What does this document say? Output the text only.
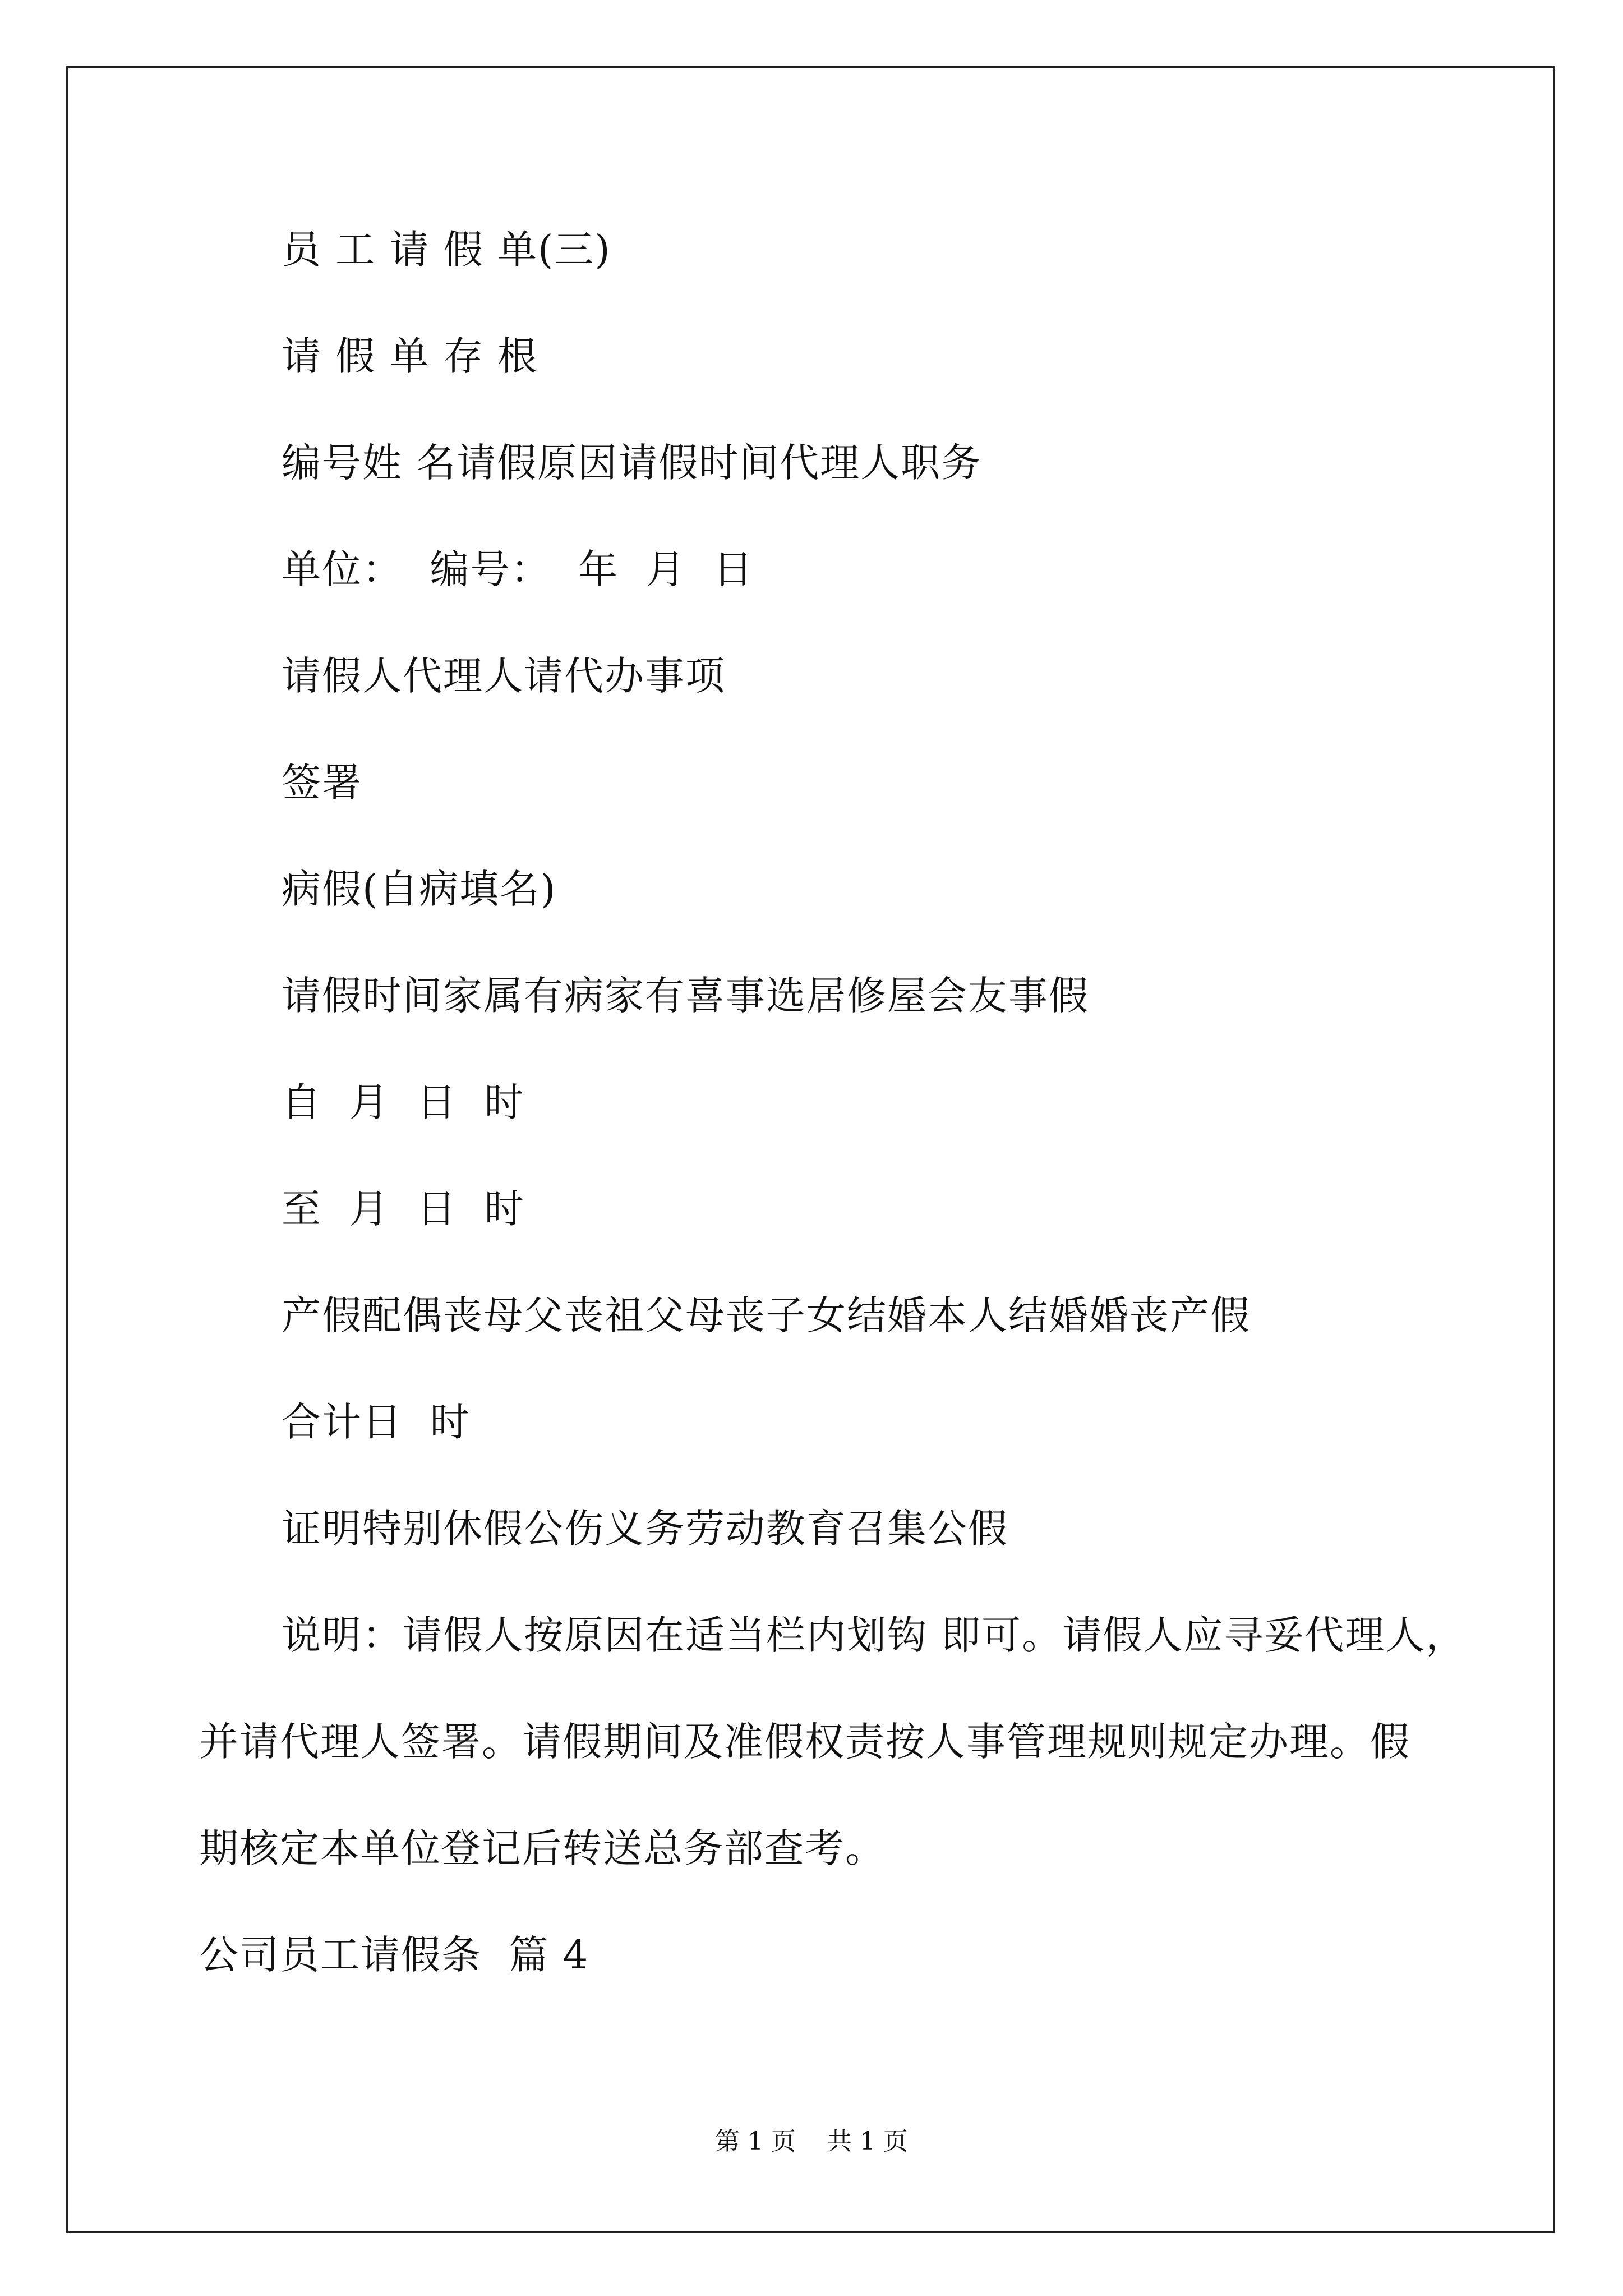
员 工 请 假 单(三)
请 假 单 存 根
编号姓 名请假原因请假时间代理人职务
单位：  编号：  年  月  日
请假人代理人请代办事项
签署
病假(自病填名)
请假时间家属有病家有喜事选居修屋会友事假
自  月  日  时
至  月  日  时
产假配偶丧母父丧祖父母丧子女结婚本人结婚婚丧产假
合计日  时
证明特别休假公伤义务劳动教育召集公假
说明：请假人按原因在适当栏内划钩 即可。请假人应寻妥代理人，
并请代理人签署。请假期间及准假权责按人事管理规则规定办理。假
期核定本单位登记后转送总务部查考。
公司员工请假条  篇 4
第 1 页    共 1 页
